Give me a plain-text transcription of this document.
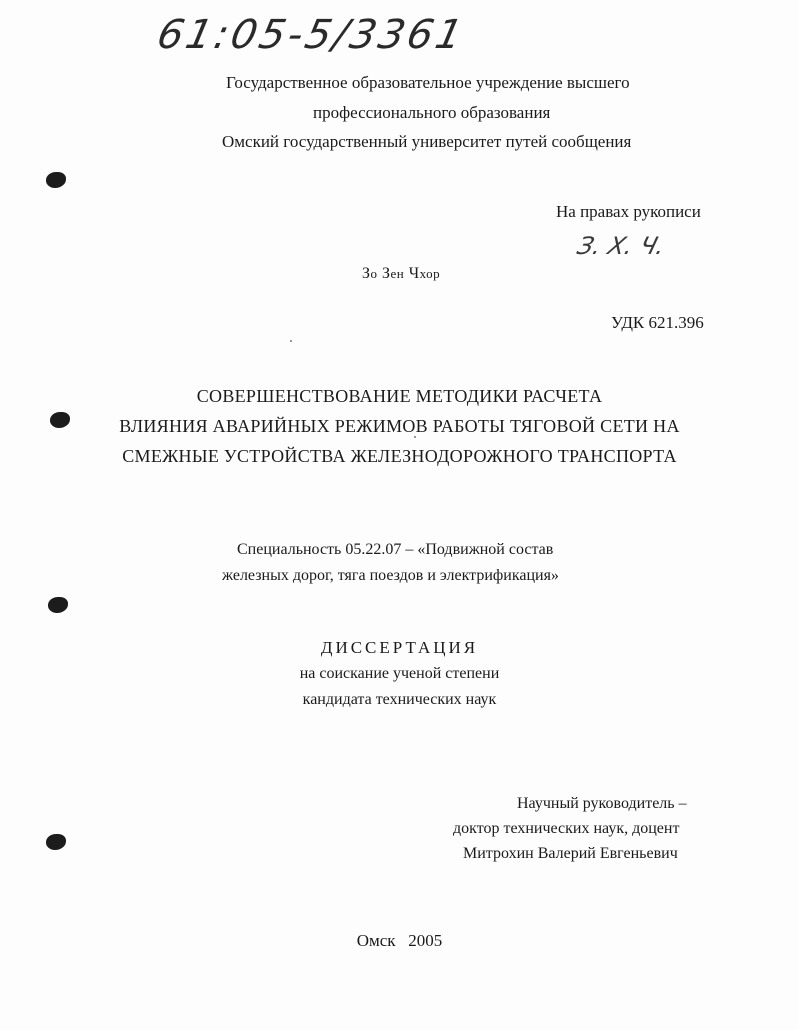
61:05-5/3361
Государственное образовательное учреждение высшего
профессионального образования
Омский государственный университет путей сообщения
На правах рукописи
З. Х. Ч.
Зо Зен Чхор
УДК 621.396
СОВЕРШЕНСТВОВАНИЕ МЕТОДИКИ РАСЧЕТА
ВЛИЯНИЯ АВАРИЙНЫХ РЕЖИМОВ РАБОТЫ ТЯГОВОЙ СЕТИ НА
СМЕЖНЫЕ УСТРОЙСТВА ЖЕЛЕЗНОДОРОЖНОГО ТРАНСПОРТА
Специальность 05.22.07 – «Подвижной состав
железных дорог, тяга поездов и электрификация»
ДИССЕРТАЦИЯ
на соискание ученой степени
кандидата технических наук
Научный руководитель –
доктор технических наук, доцент
Митрохин Валерий Евгеньевич
Омск   2005
